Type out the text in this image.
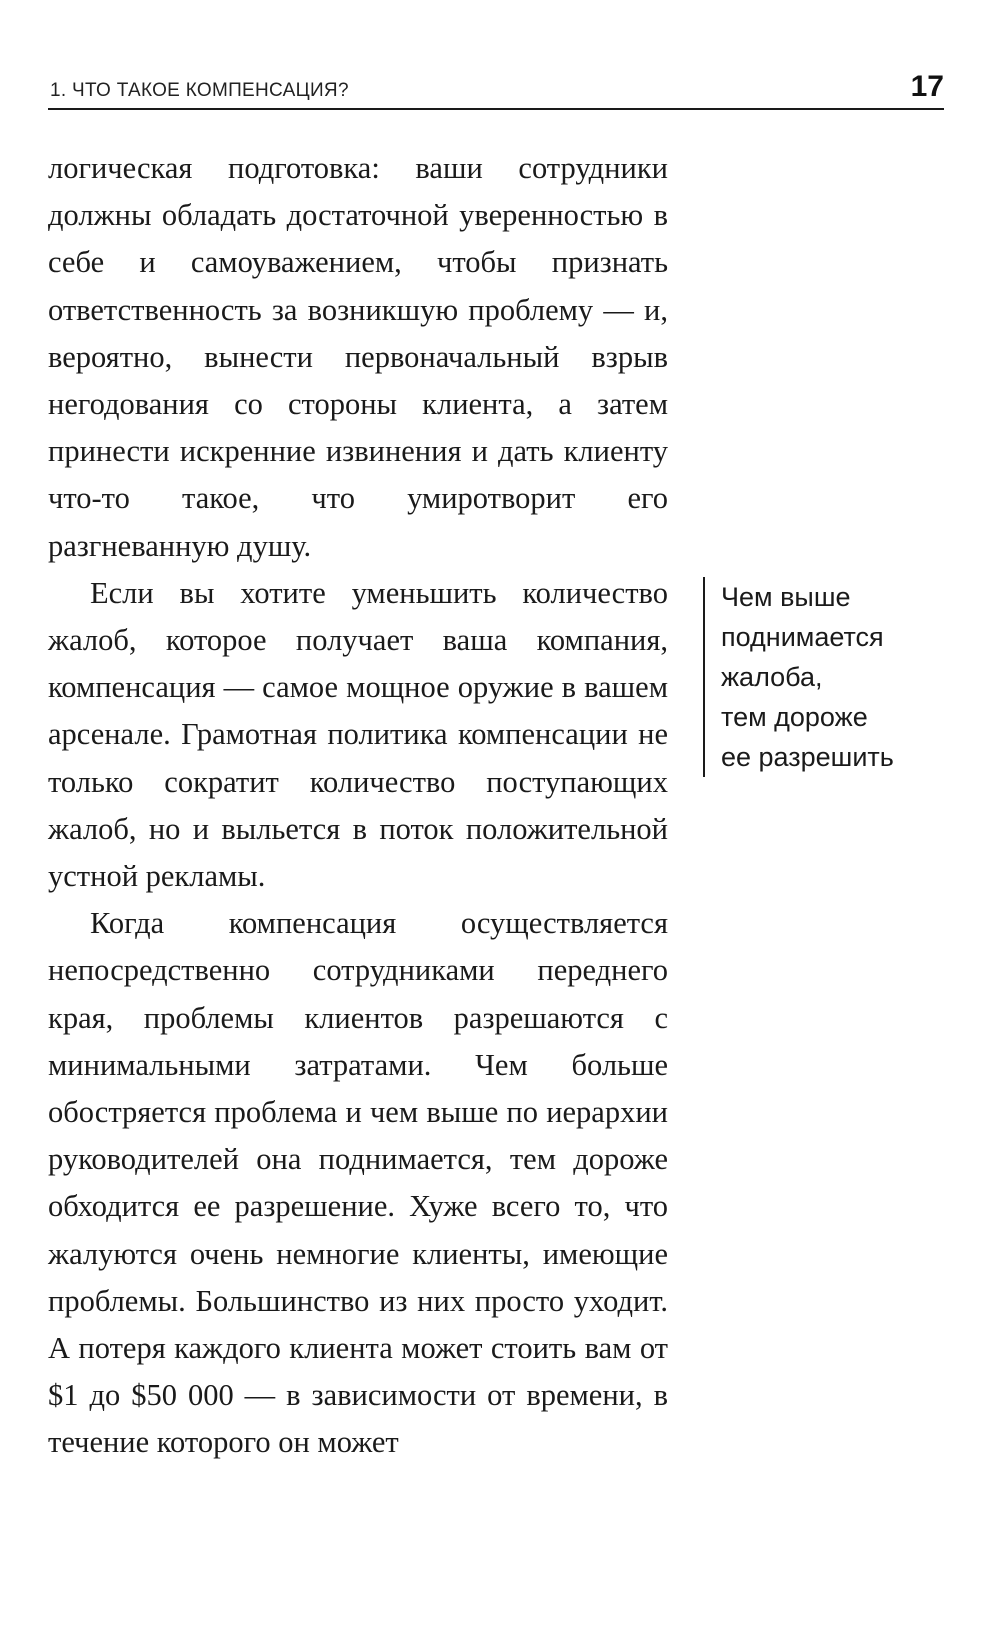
1. ЧТО ТАКОЕ КОМПЕНСАЦИЯ?	17

логическая подготовка: ваши сотрудники должны обладать достаточной уверенностью в себе и самоуважением, чтобы признать ответственность за возникшую проблему — и, вероятно, вынести первоначальный взрыв негодования со стороны клиента, а затем принести искренние извинения и дать клиенту что-то такое, что умиротворит его разгневанную душу.

Если вы хотите уменьшить количество жалоб, которое получает ваша компания, компенсация — самое мощное оружие в вашем арсенале. Грамотная политика компенсации не только сократит количество поступающих жалоб, но и выльется в поток положительной устной рекламы.

Когда компенсация осуществляется непосредственно сотрудниками переднего края, проблемы клиентов разрешаются с минимальными затратами. Чем больше обостряется проблема и чем выше по иерархии руководителей она поднимается, тем дороже обходится ее разрешение. Хуже всего то, что жалуются очень немногие клиенты, имеющие проблемы. Большинство из них просто уходит. А потеря каждого клиента может стоить вам от $1 до $50 000 — в зависимости от времени, в течение которого он может

Чем выше
поднимается
жалоба,
тем дороже
ее разрешить
